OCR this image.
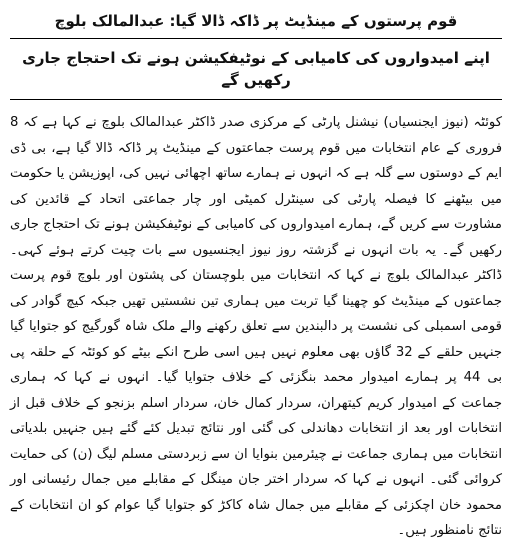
قوم پرستوں کے مینڈیٹ پر ڈاکہ ڈالا گیا: عبدالمالک بلوچ
اپنے امیدواروں کی کامیابی کے نوٹیفکیشن ہونے تک احتجاج جاری رکھیں گے

کوئٹہ (نیوز ایجنسیاں) نیشنل پارٹی کے مرکزی صدر ڈاکٹر عبدالمالک بلوچ نے کہا ہے کہ 8 فروری کے عام انتخابات میں قوم پرست جماعتوں کے مینڈیٹ پر ڈاکہ ڈالا گیا ہے، بی ڈی ایم کے دوستوں سے گلہ ہے کہ انہوں نے ہمارے ساتھ اچھائی نہیں کی، اپوزیشن یا حکومت میں بیٹھنے کا فیصلہ پارٹی کی سینٹرل کمیٹی اور چار جماعتی اتحاد کے قائدین کی مشاورت سے کریں گے، ہمارے امیدواروں کی کامیابی کے نوٹیفکیشن ہونے تک احتجاج جاری رکھیں گے۔ یہ بات انہوں نے گزشتہ روز نیوز ایجنسیوں سے بات چیت کرتے ہوئے کہی۔ ڈاکٹر عبدالمالک بلوچ نے کہا کہ انتخابات میں بلوچستان کی پشتون اور بلوچ قوم پرست جماعتوں کے مینڈیٹ کو چھینا گیا تربت میں ہماری تین نشستیں تھیں جبکہ کیچ گوادر کی قومی اسمبلی کی نشست پر دالبندین سے تعلق رکھنے والے ملک شاہ گورگیج کو جتوایا گیا جنہیں حلقے کے 32 گاؤں بھی معلوم نہیں ہیں اسی طرح انکے بیٹے کو کوئٹہ کے حلقہ پی بی 44 پر ہمارے امیدوار محمد بنگزئی کے خلاف جتوایا گیا۔ انہوں نے کہا کہ ہماری جماعت کے امیدوار کریم کیتھران، سردار کمال خان، سردار اسلم بزنجو کے خلاف قبل از انتخابات اور بعد از انتخابات دھاندلی کی گئی اور نتائج تبدیل کئے گئے ہیں جنہیں بلدیاتی انتخابات میں ہماری جماعت نے چیئرمین بنوایا ان سے زبردستی مسلم لیگ (ن) کی حمایت کروائی گئی۔ انہوں نے کہا کہ سردار اختر جان مینگل کے مقابلے میں جمال رئیسانی اور محمود خان اچکزئی کے مقابلے میں جمال شاہ کاکڑ کو جتوایا گیا عوام کو ان انتخابات کے نتائج نامنظور ہیں۔
